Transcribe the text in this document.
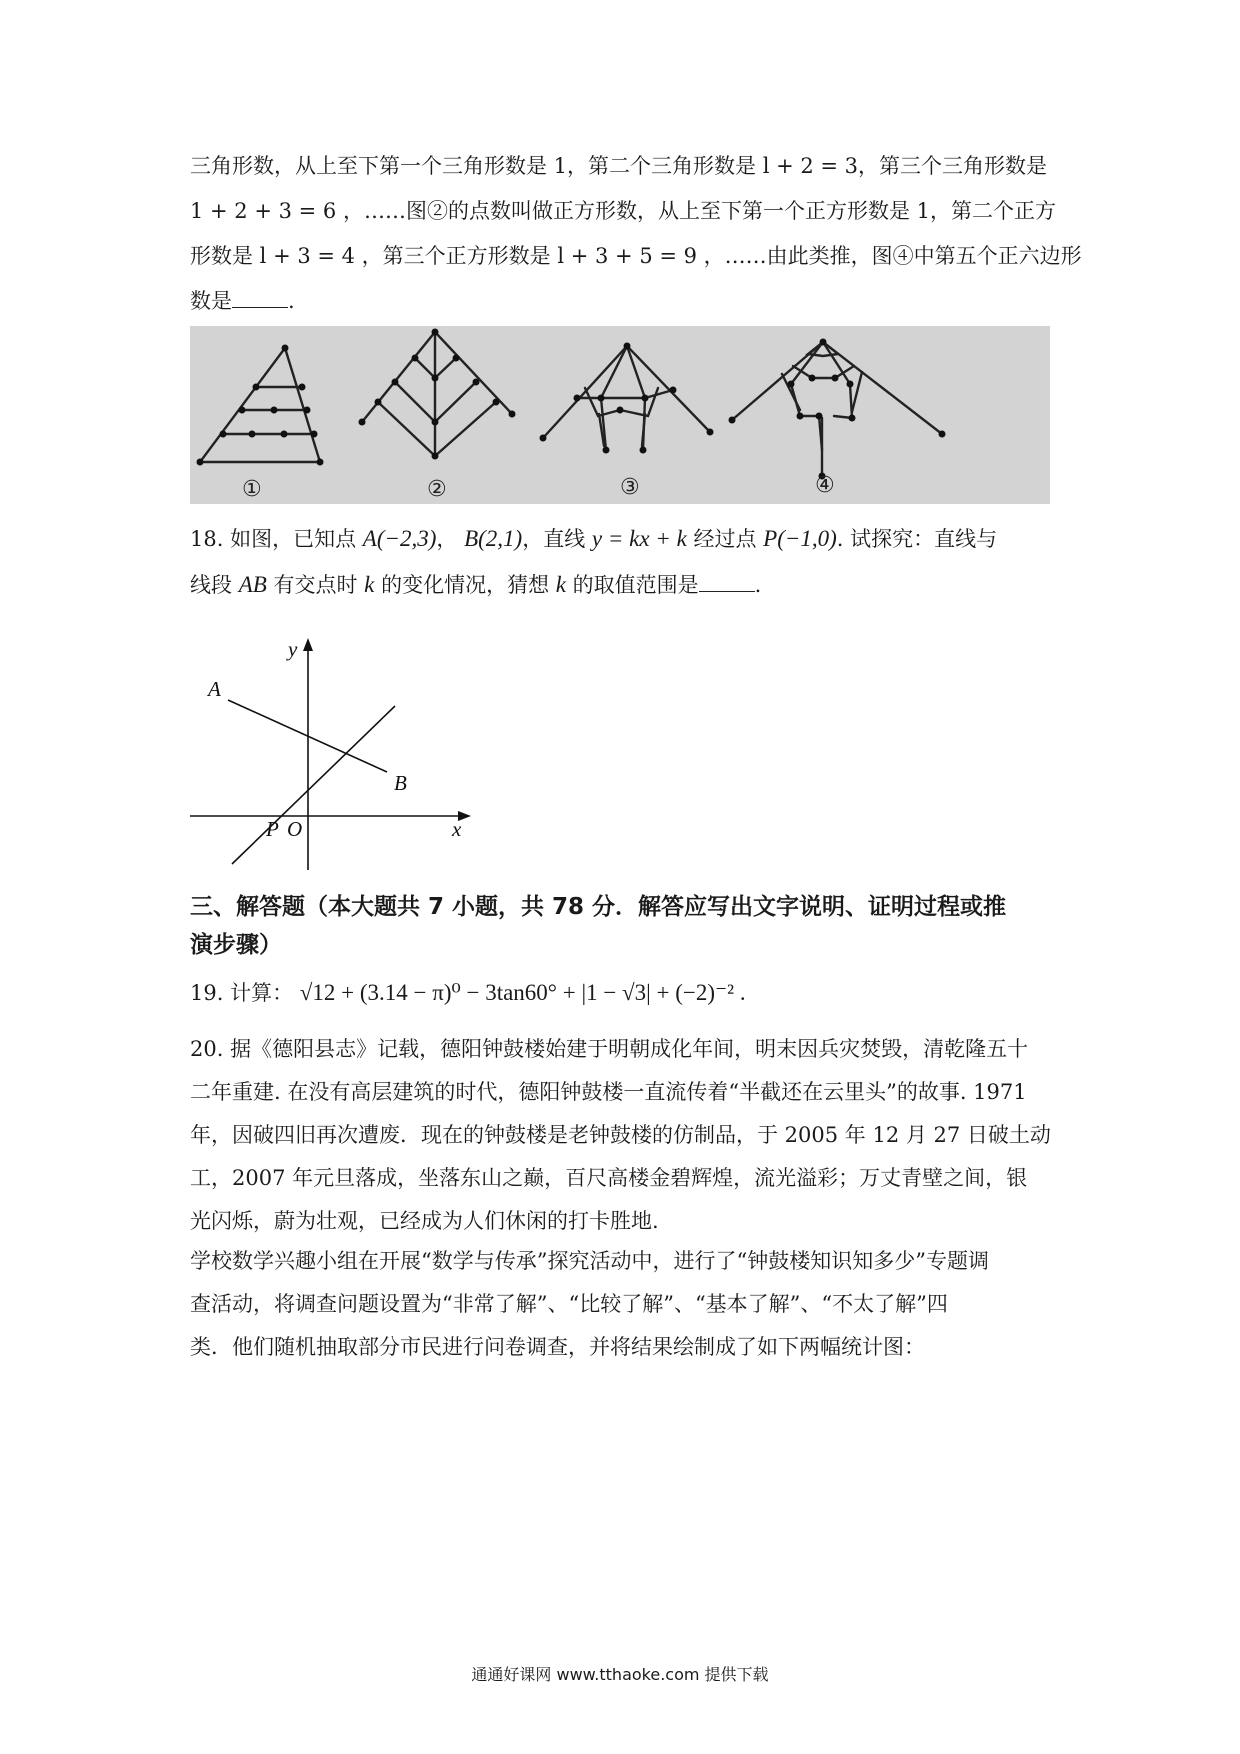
三角形数，从上至下第一个三角形数是 1，第二个三角形数是 l + 2 = 3，第三个三角形数是
1 + 2 + 3 = 6 ，……图②的点数叫做正方形数，从上至下第一个正方形数是 1，第二个正方
形数是 l + 3 = 4 ，第三个正方形数是 l + 3 + 5 = 9 ，……由此类推，图④中第五个正六边形
数是	.
①	②	③	④
18. 如图，已知点 A(−2,3)， B(2,1)，直线 y = kx + k 经过点 P(−1,0). 试探究：直线与
线段 AB 有交点时 k 的变化情况，猜想 k 的取值范围是	.
y
x
A
B
P O
三、解答题（本大题共 7 小题，共 78 分．解答应写出文字说明、证明过程或推
演步骤）
19. 计算： √12 + (3.14 − π)⁰ − 3tan60° + |1 − √3| + (−2)⁻² .
20. 据《德阳县志》记载，德阳钟鼓楼始建于明朝成化年间，明末因兵灾焚毁，清乾隆五十
二年重建. 在没有高层建筑的时代，德阳钟鼓楼一直流传着“半截还在云里头”的故事. 1971
年，因破四旧再次遭废．现在的钟鼓楼是老钟鼓楼的仿制品，于 2005 年 12 月 27 日破土动
工，2007 年元旦落成，坐落东山之巅，百尺高楼金碧辉煌，流光溢彩；万丈青壁之间，银
光闪烁，蔚为壮观，已经成为人们休闲的打卡胜地.
学校数学兴趣小组在开展“数学与传承”探究活动中，进行了“钟鼓楼知识知多少”专题调
查活动，将调查问题设置为“非常了解”、“比较了解”、“基本了解”、“不太了解”四
类．他们随机抽取部分市民进行问卷调查，并将结果绘制成了如下两幅统计图：
通通好课网 www.tthaoke.com 提供下载
